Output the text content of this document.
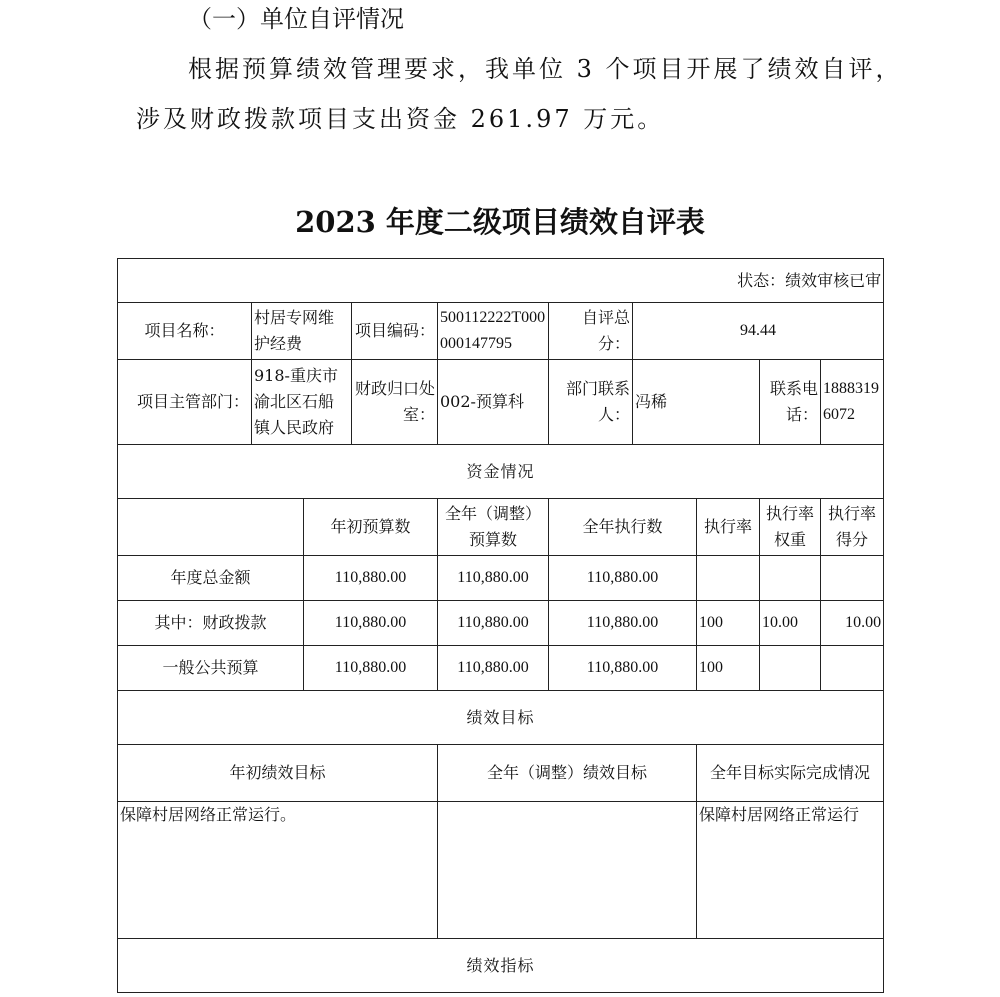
（一）单位自评情况
根据预算绩效管理要求，我单位 3 个项目开展了绩效自评，
涉及财政拨款项目支出资金 261.97 万元。
2023 年度二级项目绩效自评表
状态：绩效审核已审									
项目名称：	村居专网维护经费		项目编码：	500112222T000000147795	自评总分：	94.44			
项目主管部门：	918-重庆市渝北区石船镇人民政府		财政归口处室：	002-预算科	部门联系人：	冯稀		联系电话：	18883196072
资金情况									
		年初预算数		全年（调整）预算数	全年执行数		执行率	执行率权重	执行率得分
年度总金额		110,880.00		110,880.00	110,880.00				
其中：财政拨款		110,880.00		110,880.00	110,880.00		100	10.00	10.00
一般公共预算		110,880.00		110,880.00	110,880.00		100		
绩效目标									
年初绩效目标				全年（调整）绩效目标			全年目标实际完成情况		
保障村居网络正常运行。							保障村居网络正常运行		
绩效指标									
